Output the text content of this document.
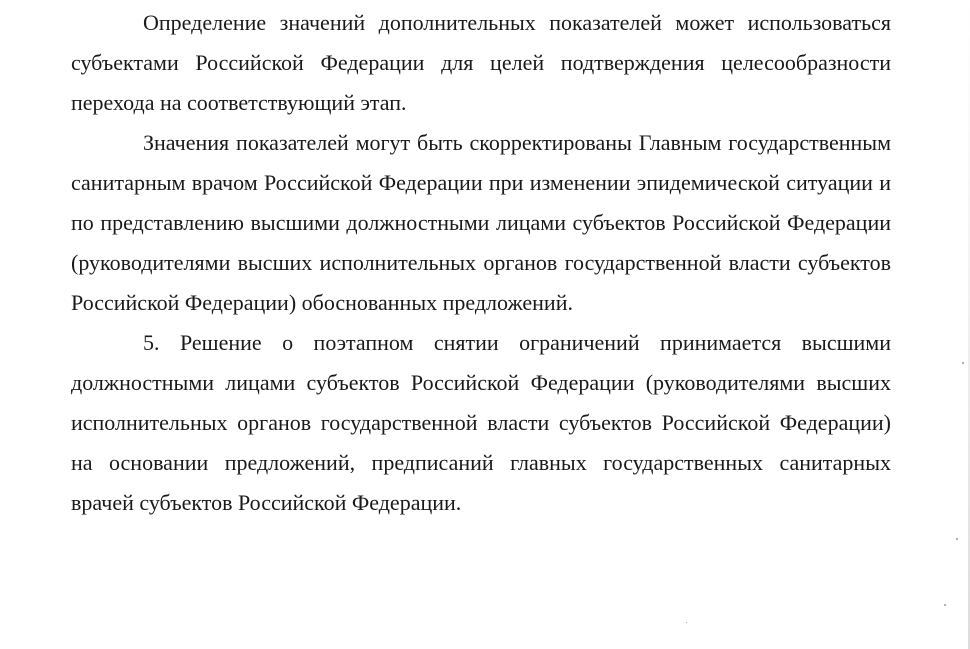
Определение значений дополнительных показателей может использоваться субъектами Российской Федерации для целей подтверждения целесообразности перехода на соответствующий этап.

Значения показателей могут быть скорректированы Главным государственным санитарным врачом Российской Федерации при изменении эпидемической ситуации и по представлению высшими должностными лицами субъектов Российской Федерации (руководителями высших исполнительных органов государственной власти субъектов Российской Федерации) обоснованных предложений.

5. Решение о поэтапном снятии ограничений принимается высшими должностными лицами субъектов Российской Федерации (руководителями высших исполнительных органов государственной власти субъектов Российской Федерации) на основании предложений, предписаний главных государственных санитарных врачей субъектов Российской Федерации.
